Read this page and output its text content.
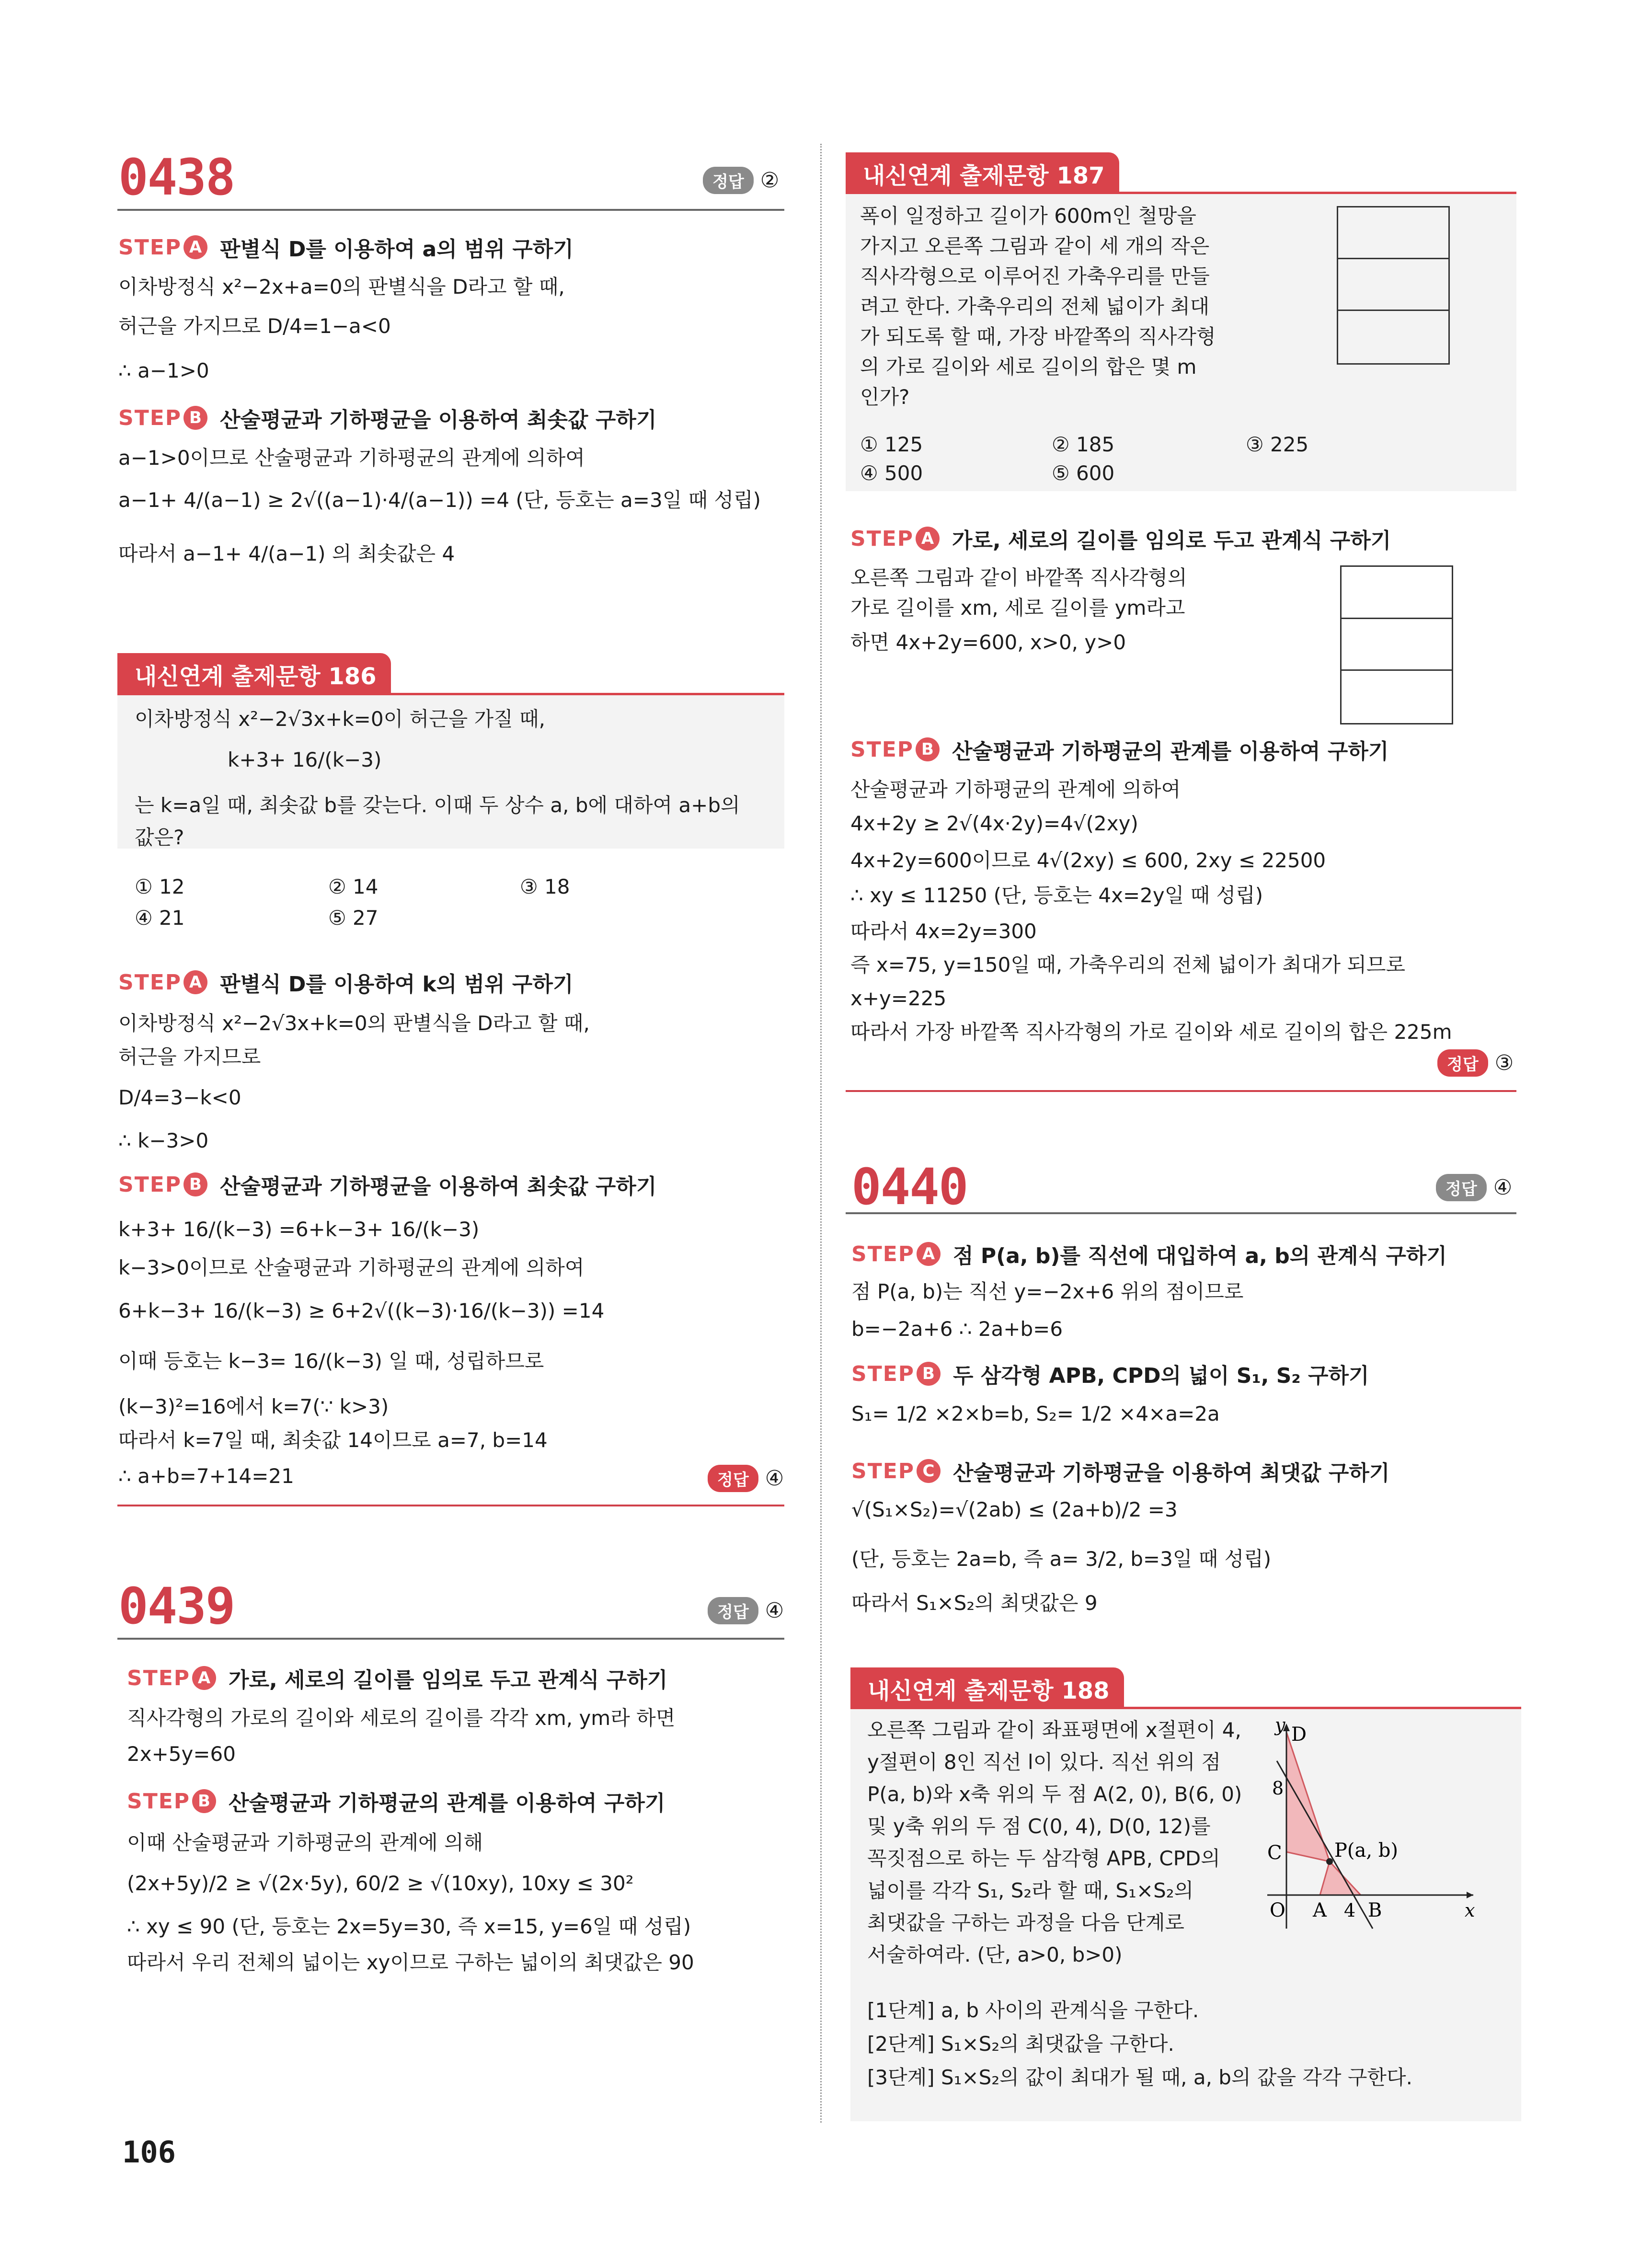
0438	정답 ②
STEP A 판별식 D를 이용하여 a의 범위 구하기
이차방정식 x²−2x+a=0의 판별식을 D라고 할 때,
허근을 가지므로 D/4=1−a<0
∴ a−1>0
STEP B 산술평균과 기하평균을 이용하여 최솟값 구하기
a−1>0이므로 산술평균과 기하평균의 관계에 의하여
a−1+ 4/(a−1) ≥ 2√((a−1)·4/(a−1)) =4 (단, 등호는 a=3일 때 성립)
따라서 a−1+ 4/(a−1) 의 최솟값은 4
내신연계 출제문항 186
이차방정식 x²−2√3x+k=0이 허근을 가질 때,
k+3+ 16/(k−3)
는 k=a일 때, 최솟값 b를 갖는다. 이때 두 상수 a, b에 대하여 a+b의
값은?
① 12	② 14	③ 18
④ 21	⑤ 27
STEP A 판별식 D를 이용하여 k의 범위 구하기
이차방정식 x²−2√3x+k=0의 판별식을 D라고 할 때,
허근을 가지므로
D/4=3−k<0
∴ k−3>0
STEP B 산술평균과 기하평균을 이용하여 최솟값 구하기
k+3+ 16/(k−3) =6+k−3+ 16/(k−3)
k−3>0이므로 산술평균과 기하평균의 관계에 의하여
6+k−3+ 16/(k−3) ≥ 6+2√((k−3)·16/(k−3)) =14
이때 등호는 k−3= 16/(k−3) 일 때, 성립하므로
(k−3)²=16에서 k=7(∵ k>3)
따라서 k=7일 때, 최솟값 14이므로 a=7, b=14
∴ a+b=7+14=21	정답 ④
0439	정답 ④
STEP A 가로, 세로의 길이를 임의로 두고 관계식 구하기
직사각형의 가로의 길이와 세로의 길이를 각각 xm, ym라 하면
2x+5y=60
STEP B 산술평균과 기하평균의 관계를 이용하여 구하기
이때 산술평균과 기하평균의 관계에 의해
(2x+5y)/2 ≥ √(2x·5y), 60/2 ≥ √(10xy), 10xy ≤ 30²
∴ xy ≤ 90 (단, 등호는 2x=5y=30, 즉 x=15, y=6일 때 성립)
따라서 우리 전체의 넓이는 xy이므로 구하는 넓이의 최댓값은 90
106
내신연계 출제문항 187
폭이 일정하고 길이가 600m인 철망을
가지고 오른쪽 그림과 같이 세 개의 작은
직사각형으로 이루어진 가축우리를 만들
려고 한다. 가축우리의 전체 넓이가 최대
가 되도록 할 때, 가장 바깥쪽의 직사각형
의 가로 길이와 세로 길이의 합은 몇 m
인가?
① 125	② 185	③ 225
④ 500	⑤ 600
STEP A 가로, 세로의 길이를 임의로 두고 관계식 구하기
오른쪽 그림과 같이 바깥쪽 직사각형의
가로 길이를 xm, 세로 길이를 ym라고
하면 4x+2y=600, x>0, y>0
STEP B 산술평균과 기하평균의 관계를 이용하여 구하기
산술평균과 기하평균의 관계에 의하여
4x+2y ≥ 2√(4x·2y)=4√(2xy)
4x+2y=600이므로 4√(2xy) ≤ 600, 2xy ≤ 22500
∴ xy ≤ 11250 (단, 등호는 4x=2y일 때 성립)
따라서 4x=2y=300
즉 x=75, y=150일 때, 가축우리의 전체 넓이가 최대가 되므로
x+y=225
따라서 가장 바깥쪽 직사각형의 가로 길이와 세로 길이의 합은 225m
정답 ③
0440	정답 ④
STEP A 점 P(a, b)를 직선에 대입하여 a, b의 관계식 구하기
점 P(a, b)는 직선 y=−2x+6 위의 점이므로
b=−2a+6 ∴ 2a+b=6
STEP B 두 삼각형 APB, CPD의 넓이 S₁, S₂ 구하기
S₁= 1/2 ×2×b=b, S₂= 1/2 ×4×a=2a
STEP C 산술평균과 기하평균을 이용하여 최댓값 구하기
√(S₁×S₂)=√(2ab) ≤ (2a+b)/2 =3
(단, 등호는 2a=b, 즉 a= 3/2, b=3일 때 성립)
따라서 S₁×S₂의 최댓값은 9
내신연계 출제문항 188
오른쪽 그림과 같이 좌표평면에 x절편이 4,
y절편이 8인 직선 l이 있다. 직선 위의 점
P(a, b)와 x축 위의 두 점 A(2, 0), B(6, 0)
및 y축 위의 두 점 C(0, 4), D(0, 12)를
꼭짓점으로 하는 두 삼각형 APB, CPD의
넓이를 각각 S₁, S₂라 할 때, S₁×S₂의
최댓값을 구하는 과정을 다음 단계로
서술하여라. (단, a>0, b>0)
[1단계] a, b 사이의 관계식을 구한다.
[2단계] S₁×S₂의 최댓값을 구한다.
[3단계] S₁×S₂의 값이 최대가 될 때, a, b의 값을 각각 구한다.
y D
8
C	P(a, b)
O A 4 B	x
